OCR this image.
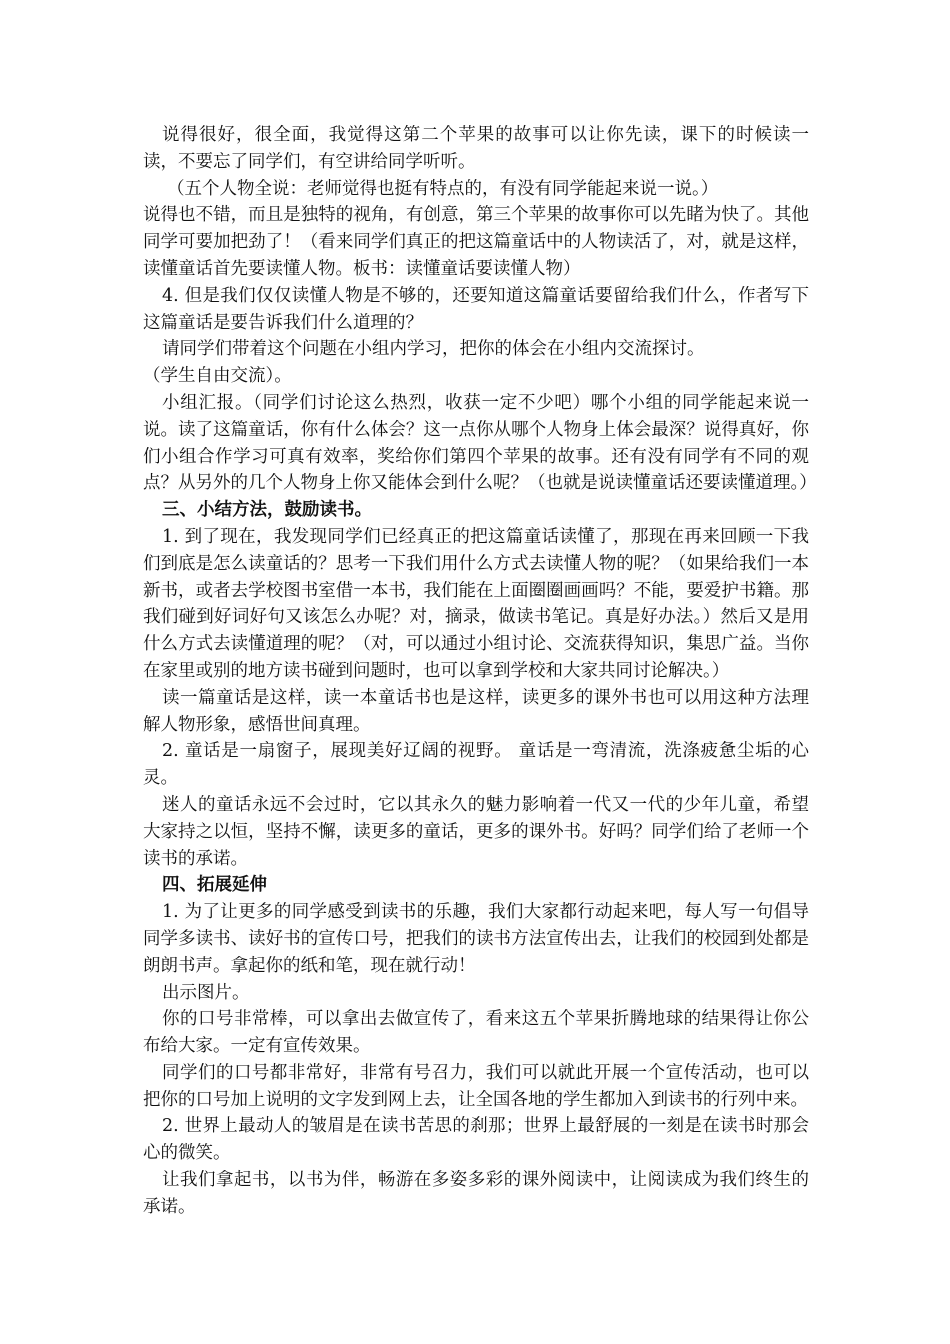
说得很好，很全面，我觉得这第二个苹果的故事可以让你先读，课下的时候读一读，不要忘了同学们，有空讲给同学听听。

（五个人物全说：老师觉得也挺有特点的，有没有同学能起来说一说。）

说得也不错，而且是独特的视角，有创意，第三个苹果的故事你可以先睹为快了。其他同学可要加把劲了！（看来同学们真正的把这篇童话中的人物读活了，对，就是这样，读懂童话首先要读懂人物。板书：读懂童话要读懂人物）

4. 但是我们仅仅读懂人物是不够的，还要知道这篇童话要留给我们什么，作者写下这篇童话是要告诉我们什么道理的？

请同学们带着这个问题在小组内学习，把你的体会在小组内交流探讨。

（学生自由交流）。

小组汇报。（同学们讨论这么热烈，收获一定不少吧）哪个小组的同学能起来说一说。读了这篇童话，你有什么体会？这一点你从哪个人物身上体会最深？说得真好，你们小组合作学习可真有效率，奖给你们第四个苹果的故事。还有没有同学有不同的观点？从另外的几个人物身上你又能体会到什么呢？（也就是说读懂童话还要读懂道理。）

三、小结方法，鼓励读书。

1. 到了现在，我发现同学们已经真正的把这篇童话读懂了，那现在再来回顾一下我们到底是怎么读童话的？思考一下我们用什么方式去读懂人物的呢？（如果给我们一本新书，或者去学校图书室借一本书，我们能在上面圈圈画画吗？不能，要爱护书籍。那我们碰到好词好句又该怎么办呢？对，摘录，做读书笔记。真是好办法。）然后又是用什么方式去读懂道理的呢？（对，可以通过小组讨论、交流获得知识，集思广益。当你在家里或别的地方读书碰到问题时，也可以拿到学校和大家共同讨论解决。）

读一篇童话是这样，读一本童话书也是这样，读更多的课外书也可以用这种方法理解人物形象，感悟世间真理。

2. 童话是一扇窗子，展现美好辽阔的视野。 童话是一弯清流，洗涤疲惫尘垢的心灵。

迷人的童话永远不会过时，它以其永久的魅力影响着一代又一代的少年儿童，希望大家持之以恒，坚持不懈，读更多的童话，更多的课外书。好吗？同学们给了老师一个读书的承诺。

四、拓展延伸

1. 为了让更多的同学感受到读书的乐趣，我们大家都行动起来吧，每人写一句倡导同学多读书、读好书的宣传口号，把我们的读书方法宣传出去，让我们的校园到处都是朗朗书声。拿起你的纸和笔，现在就行动！

出示图片。

你的口号非常棒，可以拿出去做宣传了，看来这五个苹果折腾地球的结果得让你公布给大家。一定有宣传效果。

同学们的口号都非常好，非常有号召力，我们可以就此开展一个宣传活动，也可以把你的口号加上说明的文字发到网上去，让全国各地的学生都加入到读书的行列中来。

2. 世界上最动人的皱眉是在读书苦思的刹那；世界上最舒展的一刻是在读书时那会心的微笑。

让我们拿起书，以书为伴，畅游在多姿多彩的课外阅读中，让阅读成为我们终生的承诺。
